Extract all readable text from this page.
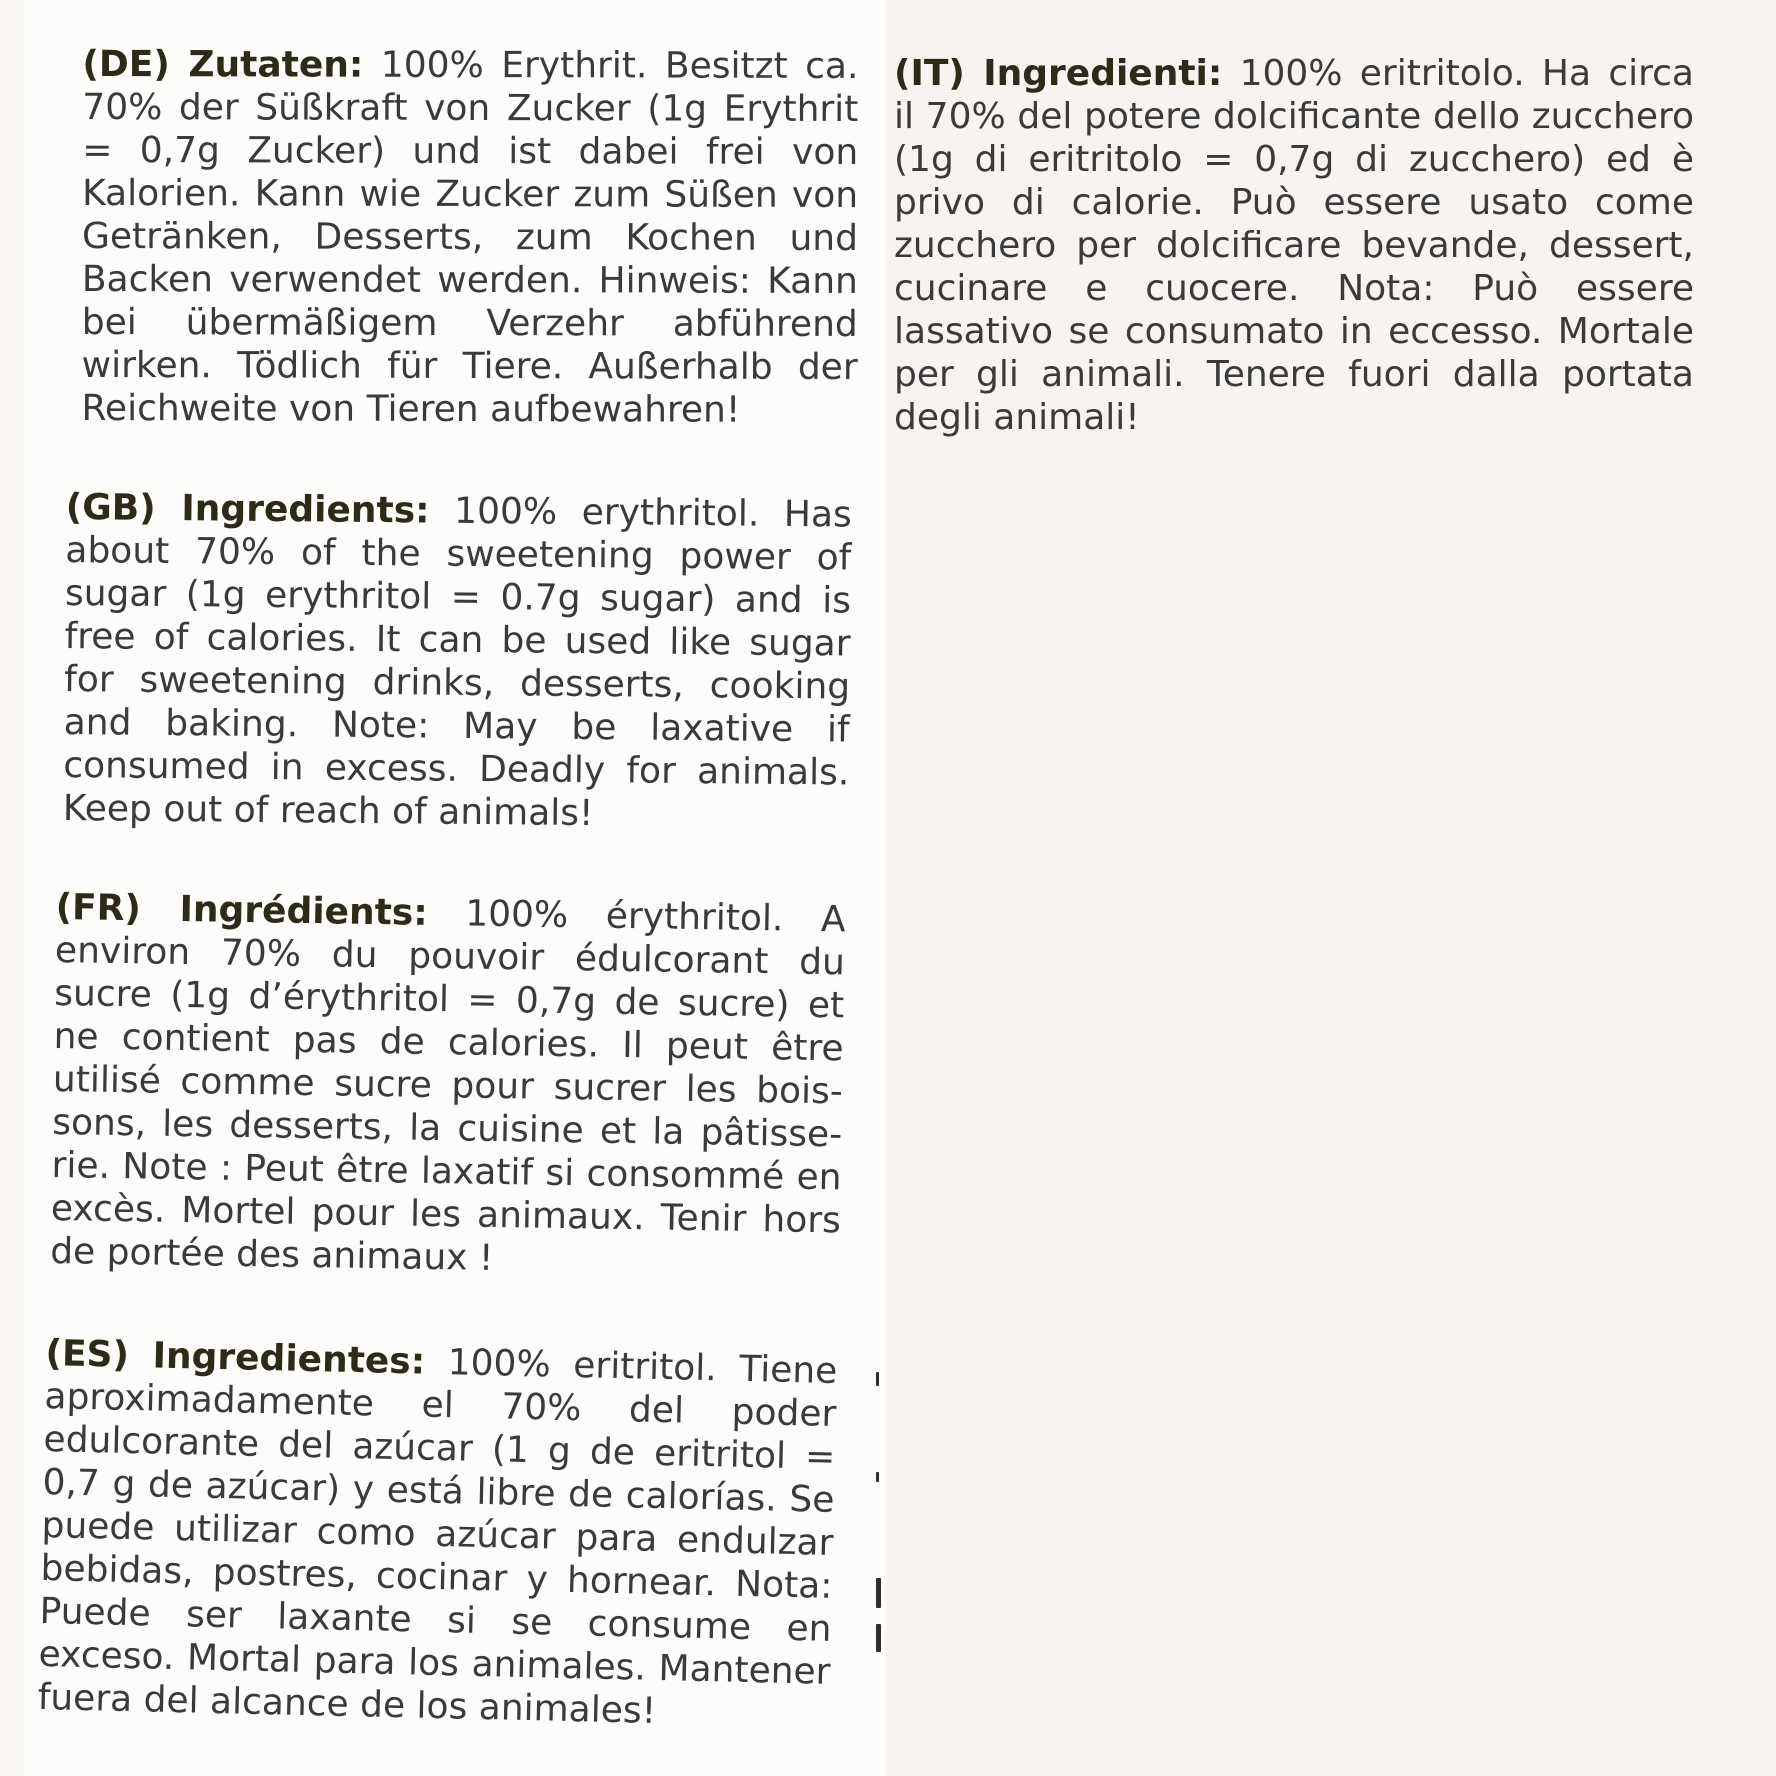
(DE) Zutaten: 100% Erythrit. Besitzt ca. 70% der Süßkraft von Zucker (1g Erythrit = 0,7g Zucker) und ist dabei frei von Kalorien. Kann wie Zucker zum Süßen von Getränken, Desserts, zum Kochen und Backen verwendet werden. Hinweis: Kann bei übermäßigem Verzehr abführend wirken. Tödlich für Tiere. Außerhalb der Reichweite von Tieren aufbewahren!

(GB) Ingredients: 100% erythritol. Has about 70% of the sweetening power of sugar (1g erythritol = 0.7g sugar) and is free of calories. It can be used like sugar for sweetening drinks, desserts, cooking and baking. Note: May be laxative if consumed in excess. Deadly for animals. Keep out of reach of animals!

(FR) Ingrédients: 100% érythritol. A environ 70% du pouvoir édulcorant du sucre (1g d’érythritol = 0,7g de sucre) et ne contient pas de calories. Il peut être utilisé comme sucre pour sucrer les boissons, les desserts, la cuisine et la pâtisserie. Note : Peut être laxatif si consommé en excès. Mortel pour les animaux. Tenir hors de portée des animaux !

(ES) Ingredientes: 100% eritritol. Tiene aproximadamente el 70% del poder edulcorante del azúcar (1 g de eritritol = 0,7 g de azúcar) y está libre de calorías. Se puede utilizar como azúcar para endulzar bebidas, postres, cocinar y hornear. Nota: Puede ser laxante si se consume en exceso. Mortal para los animales. Mantener fuera del alcance de los animales!

(IT) Ingredienti: 100% eritritolo. Ha circa il 70% del potere dolcificante dello zucchero (1g di eritritolo = 0,7g di zucchero) ed è privo di calorie. Può essere usato come zucchero per dolcificare bevande, dessert, cucinare e cuocere. Nota: Può essere lassativo se consumato in eccesso. Mortale per gli animali. Tenere fuori dalla portata degli animali!
